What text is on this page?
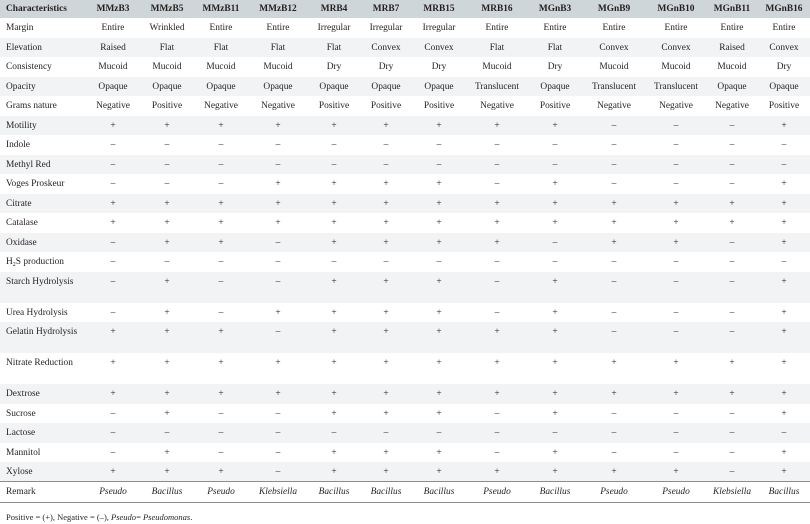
Characteristics	MMzB3	MMzB5	MMzB11	MMzB12	MRB4	MRB7	MRB15	MRB16	MGnB3	MGnB9	MGnB10	MGnB11	MGnB16
Margin	Entire	Wrinkled	Entire	Entire	Irregular	Irregular	Irregular	Entire	Entire	Entire	Entire	Entire	Entire
Elevation	Raised	Flat	Flat	Flat	Flat	Convex	Convex	Flat	Flat	Convex	Convex	Raised	Convex
Consistency	Mucoid	Mucoid	Mucoid	Mucoid	Dry	Dry	Dry	Mucoid	Dry	Mucoid	Mucoid	Mucoid	Dry
Opacity	Opaque	Opaque	Opaque	Opaque	Opaque	Opaque	Opaque	Translucent	Opaque	Translucent	Translucent	Opaque	Opaque
Grams nature	Negative	Positive	Negative	Negative	Positive	Positive	Positive	Negative	Positive	Negative	Negative	Negative	Positive
Motility	+	+	+	+	+	+	+	+	+	–	–	–	+
Indole	–	–	–	–	–	–	–	–	–	–	–	–	–
Methyl Red	–	–	–	–	–	–	–	–	–	–	–	–	–
Voges Proskeur	–	–	–	+	+	+	+	–	+	–	–	–	+
Citrate	+	+	+	+	+	+	+	+	+	+	+	+	+
Catalase	+	+	+	+	+	+	+	+	+	+	+	+	+
Oxidase	–	+	+	–	+	+	+	+	–	+	+	–	+
$H_2S$ production	–	–	–	–	–	–	–	–	–	–	–	–	–
Starch Hydrolysis	–	+	–	–	+	+	+	–	+	–	–	–	+
Urea Hydrolysis	–	+	–	+	+	+	+	–	+	–	–	–	+
Gelatin Hydrolysis	+	+	+	–	+	+	+	+	+	–	–	–	+
Nitrate Reduction	+	+	+	+	+	+	+	+	+	+	+	+	+
Dextrose	+	+	+	+	+	+	+	+	+	+	+	+	+
Sucrose	–	+	–	–	+	+	+	–	+	–	–	–	+
Lactose	–	–	–	–	–	–	–	–	–	–	–	–	–
Mannitol	–	+	–	–	+	+	+	–	+	–	–	–	+
Xylose	+	+	+	–	+	+	+	+	+	+	+	–	+
Remark	Pseudo	Bacillus	Pseudo	Klebsiella	Bacillus	Bacillus	Bacillus	Pseudo	Bacillus	Pseudo	Pseudo	Klebsiella	Bacillus
Positive = (+), Negative = (–), Pseudo= Pseudomonas.
